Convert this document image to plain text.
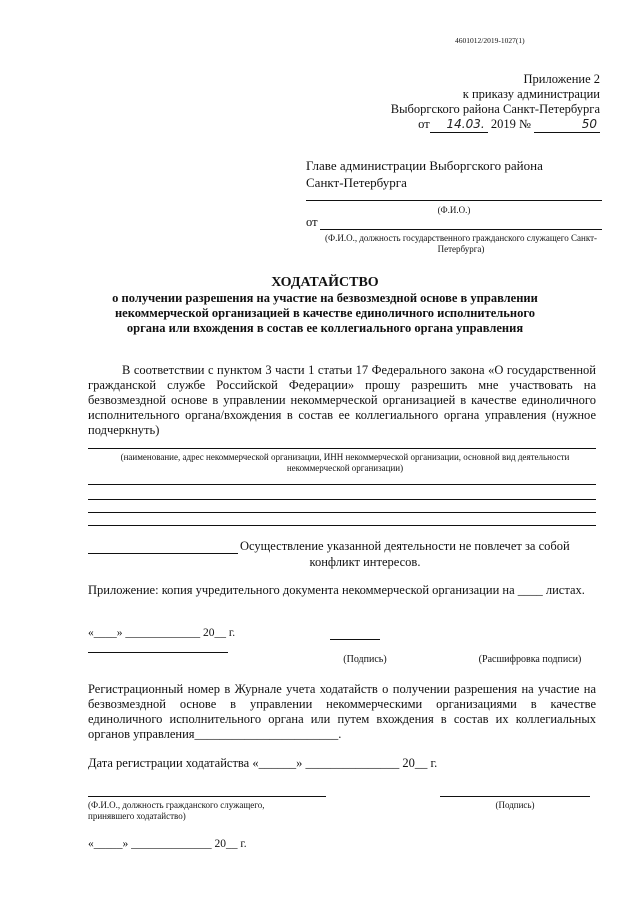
4601012/2019-1027(1)
Приложение 2
к приказу администрации
Выборгского района Санкт-Петербурга
от 14.03. 2019 №	50
Главе администрации Выборгского района
Санкт-Петербурга
(Ф.И.О.)
от
(Ф.И.О., должность государственного гражданского служащего Санкт-Петербурга)
ХОДАТАЙСТВО
о получении разрешения на участие на безвозмездной основе в управлении некоммерческой организацией в качестве единоличного исполнительного органа или вхождения в состав ее коллегиального органа управления
В соответствии с пунктом 3 части 1 статьи 17 Федерального закона «О государственной гражданской службе Российской Федерации» прошу разрешить мне участвовать на безвозмездной основе в управлении некоммерческой организацией в качестве единоличного исполнительного органа/вхождения в состав ее коллегиального органа управления (нужное подчеркнуть)
(наименование, адрес некоммерческой организации, ИНН некоммерческой организации, основной вид деятельности некоммерческой организации)
Осуществление указанной деятельности не повлечет за собой
конфликт интересов.
Приложение: копия учредительного документа некоммерческой организации на ____ листах.
«____» _____________ 20__ г.
(Подпись)	(Расшифровка подписи)
Регистрационный номер в Журнале учета ходатайств о получении разрешения на участие на безвозмездной основе в управлении некоммерческими организациями в качестве единоличного исполнительного органа или путем вхождения в состав их коллегиальных органов управления_______________________.
Дата регистрации ходатайства «______» _______________ 20__ г.
(Ф.И.О., должность гражданского служащего, принявшего ходатайство)
(Подпись)
«_____» ______________ 20__ г.
